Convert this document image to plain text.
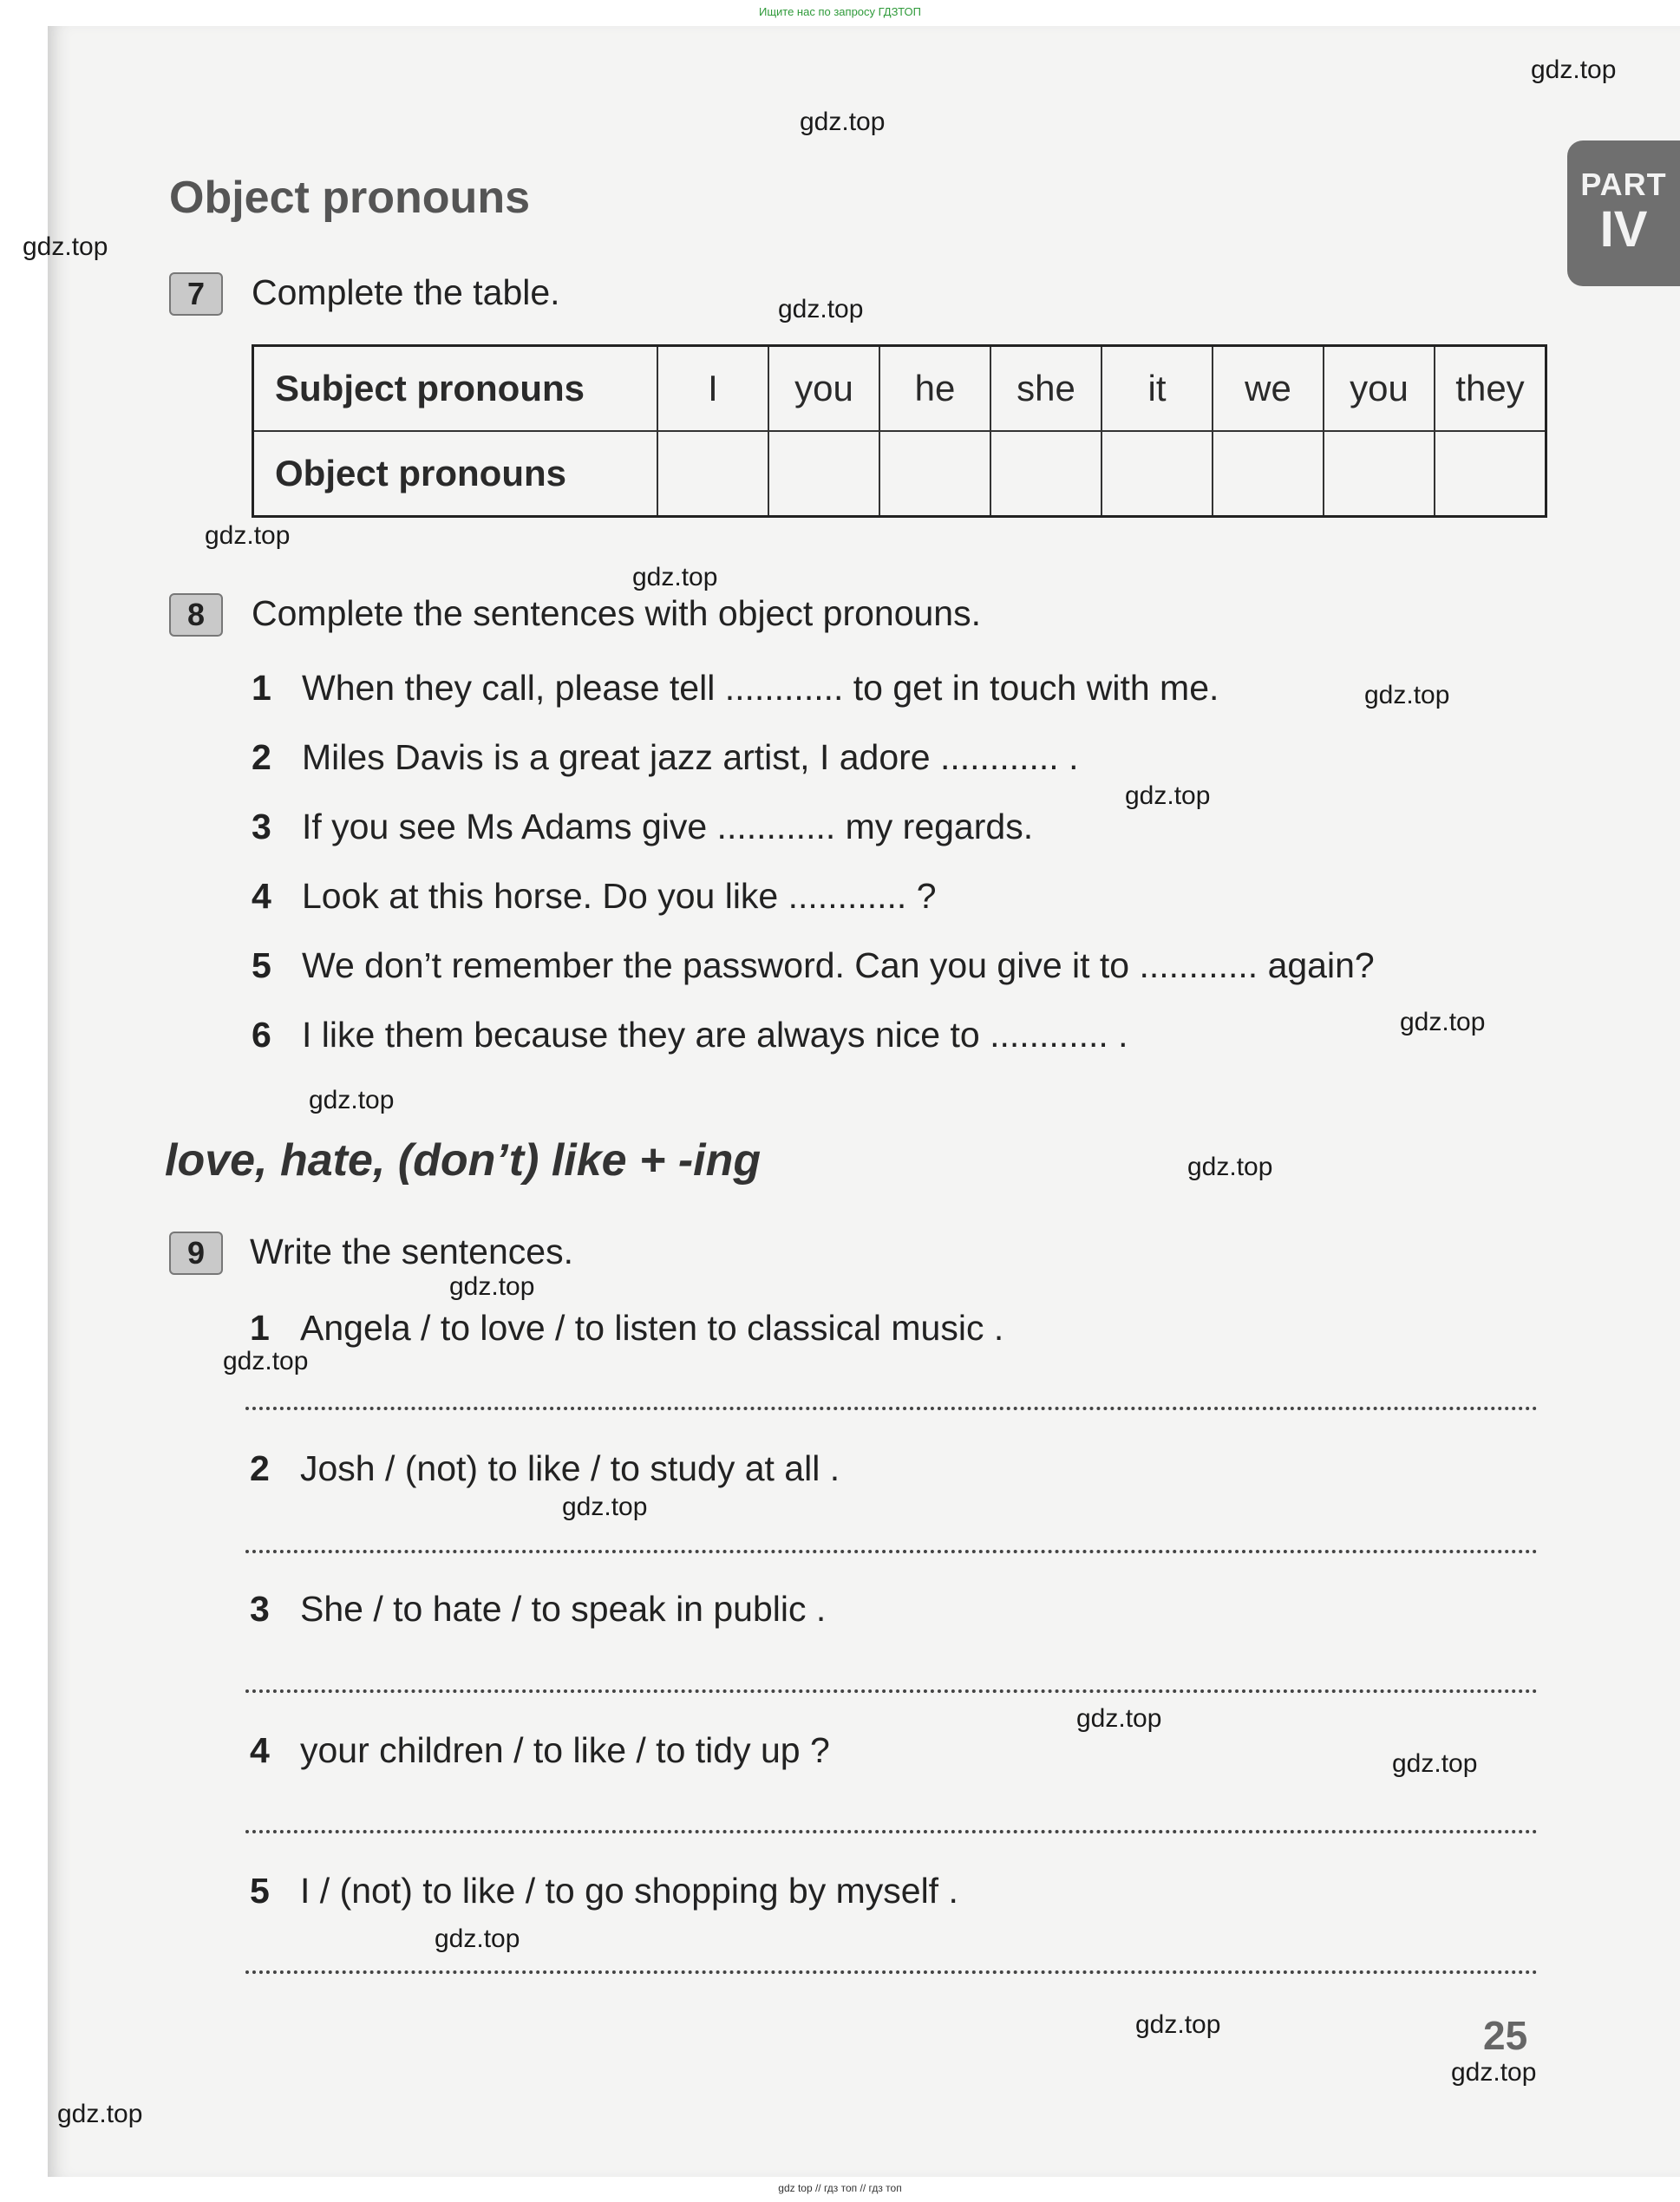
Ищите нас по запросу ГДЗТОП
PART
IV
Object pronouns
7	Complete the table.
Subject pronouns	I	you	he	she	it	we	you	they
Object pronouns								
8	Complete the sentences with object pronouns.
1 When they call, please tell ............ to get in touch with me.
2 Miles Davis is a great jazz artist, I adore ............ .
3 If you see Ms Adams give ............ my regards.
4 Look at this horse. Do you like ............ ?
5 We don’t remember the password. Can you give it to ............ again?
6 I like them because they are always nice to ............ .
love, hate, (don’t) like + -ing
9	Write the sentences.
1 Angela / to love / to listen to classical music .
2 Josh / (not) to like / to study at all .
3 She / to hate / to speak in public .
4 your children / to like / to tidy up ?
5 I / (not) to like / to go shopping by myself .
25
gdz.top
gdz.top
gdz.top
gdz.top
gdz.top
gdz.top
gdz.top
gdz.top
gdz.top
gdz.top
gdz.top
gdz.top
gdz.top
gdz.top
gdz.top
gdz.top
gdz.top
gdz.top
gdz.top
gdz.top
gdz top // гдз топ // гдз топ
